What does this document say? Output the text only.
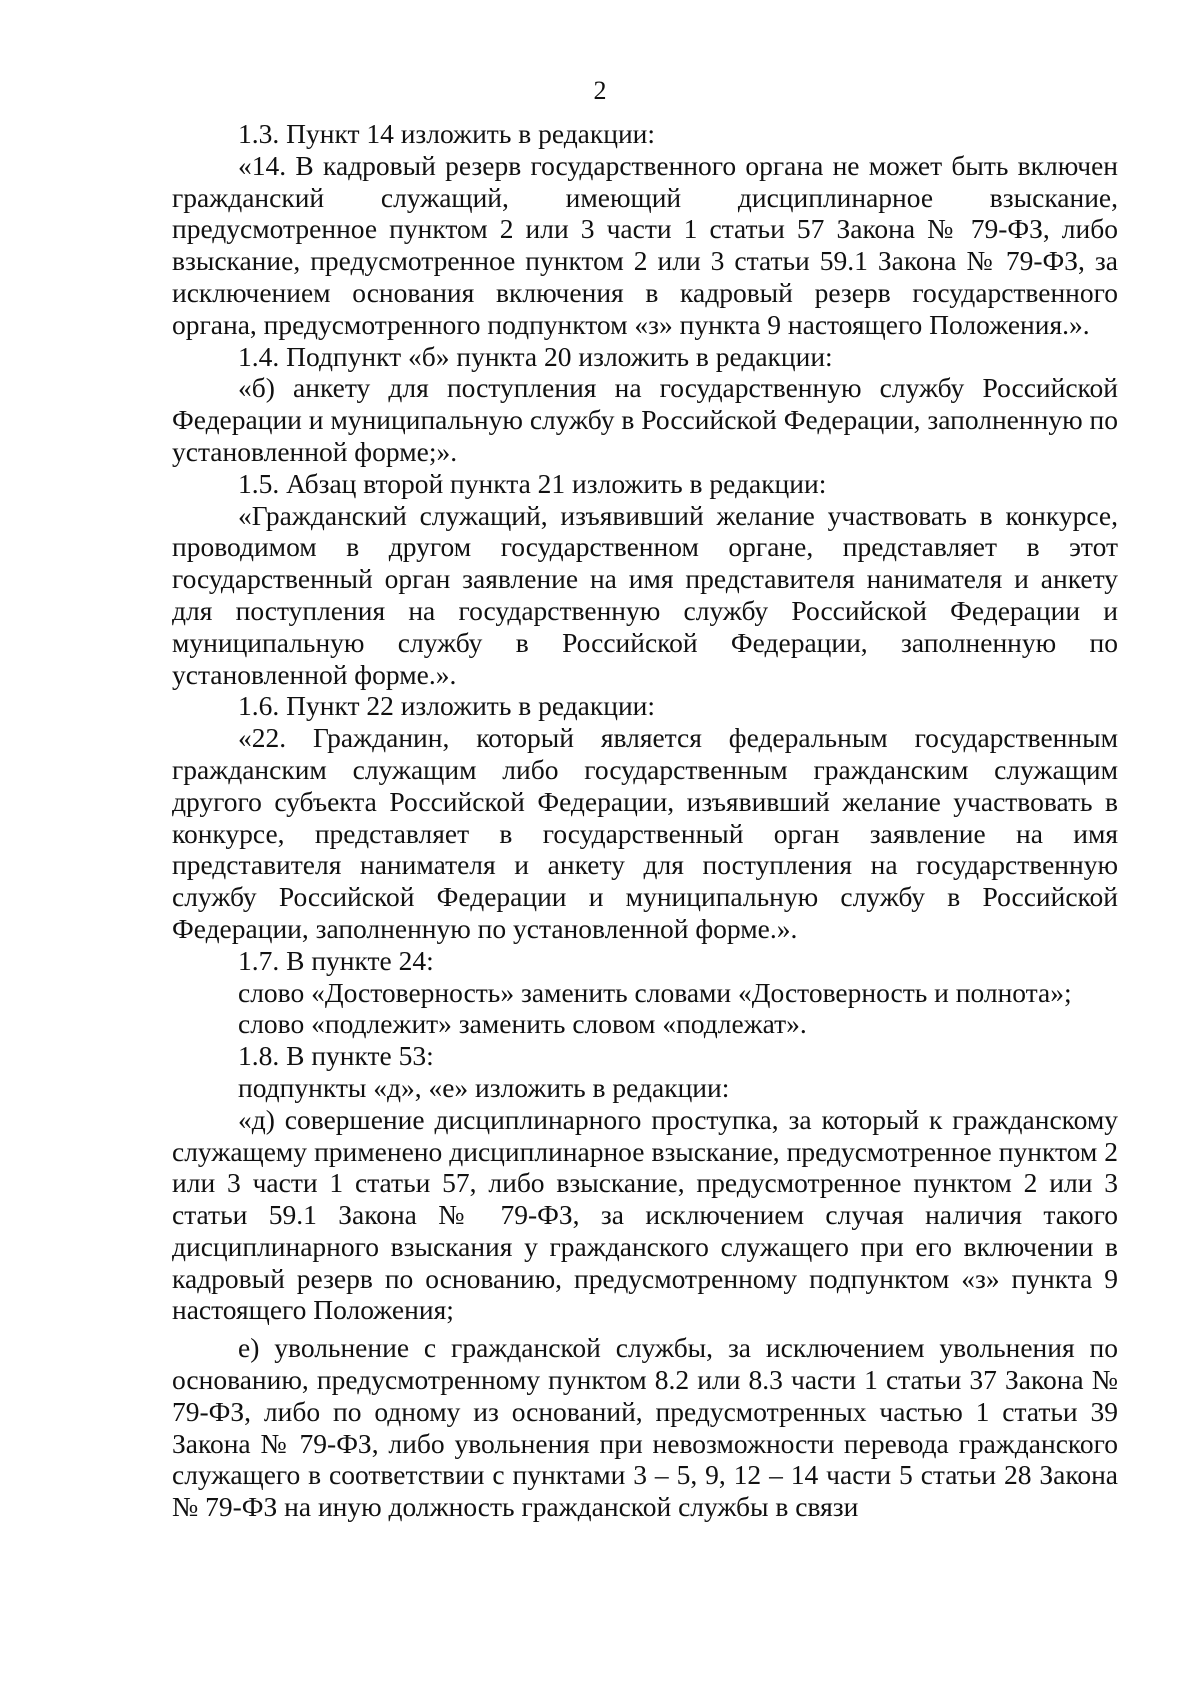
2

1.3. Пункт 14 изложить в редакции:

«14. В кадровый резерв государственного органа не может быть включен гражданский служащий, имеющий дисциплинарное взыскание, предусмотренное пунктом 2 или 3 части 1 статьи 57 Закона № 79-ФЗ, либо взыскание, предусмотренное пунктом 2 или 3 статьи 59.1 Закона № 79-ФЗ, за исключением основания включения в кадровый резерв государственного органа, предусмотренного подпунктом «з» пункта 9 настоящего Положения.».

1.4. Подпункт «б» пункта 20 изложить в редакции:

«б) анкету для поступления на государственную службу Российской Федерации и муниципальную службу в Российской Федерации, заполненную по установленной форме;».

1.5. Абзац второй пункта 21 изложить в редакции:

«Гражданский служащий, изъявивший желание участвовать в конкурсе, проводимом в другом государственном органе, представляет в этот государственный орган заявление на имя представителя нанимателя и анкету для поступления на государственную службу Российской Федерации и муниципальную службу в Российской Федерации, заполненную по установленной форме.».

1.6. Пункт 22 изложить в редакции:

«22. Гражданин, который является федеральным государственным гражданским служащим либо государственным гражданским служащим другого субъекта Российской Федерации, изъявивший желание участвовать в конкурсе, представляет в государственный орган заявление на имя представителя нанимателя и анкету для поступления на государственную службу Российской Федерации и муниципальную службу в Российской Федерации, заполненную по установленной форме.».

1.7. В пункте 24:

слово «Достоверность» заменить словами «Достоверность и полнота»;

слово «подлежит» заменить словом «подлежат».

1.8. В пункте 53:

подпункты «д», «е» изложить в редакции:

«д) совершение дисциплинарного проступка, за который к гражданскому служащему применено дисциплинарное взыскание, предусмотренное пунктом 2 или 3 части 1 статьи 57, либо взыскание, предусмотренное пунктом 2 или 3 статьи 59.1 Закона № 79-ФЗ, за исключением случая наличия такого дисциплинарного взыскания у гражданского служащего при его включении в кадровый резерв по основанию, предусмотренному подпунктом «з» пункта 9 настоящего Положения;

е) увольнение с гражданской службы, за исключением увольнения по основанию, предусмотренному пунктом 8.2 или 8.3 части 1 статьи 37 Закона № 79-ФЗ, либо по одному из оснований, предусмотренных частью 1 статьи 39 Закона № 79-ФЗ, либо увольнения при невозможности перевода гражданского служащего в соответствии с пунктами 3 – 5, 9, 12 – 14 части 5 статьи 28 Закона № 79-ФЗ на иную должность гражданской службы в связи
